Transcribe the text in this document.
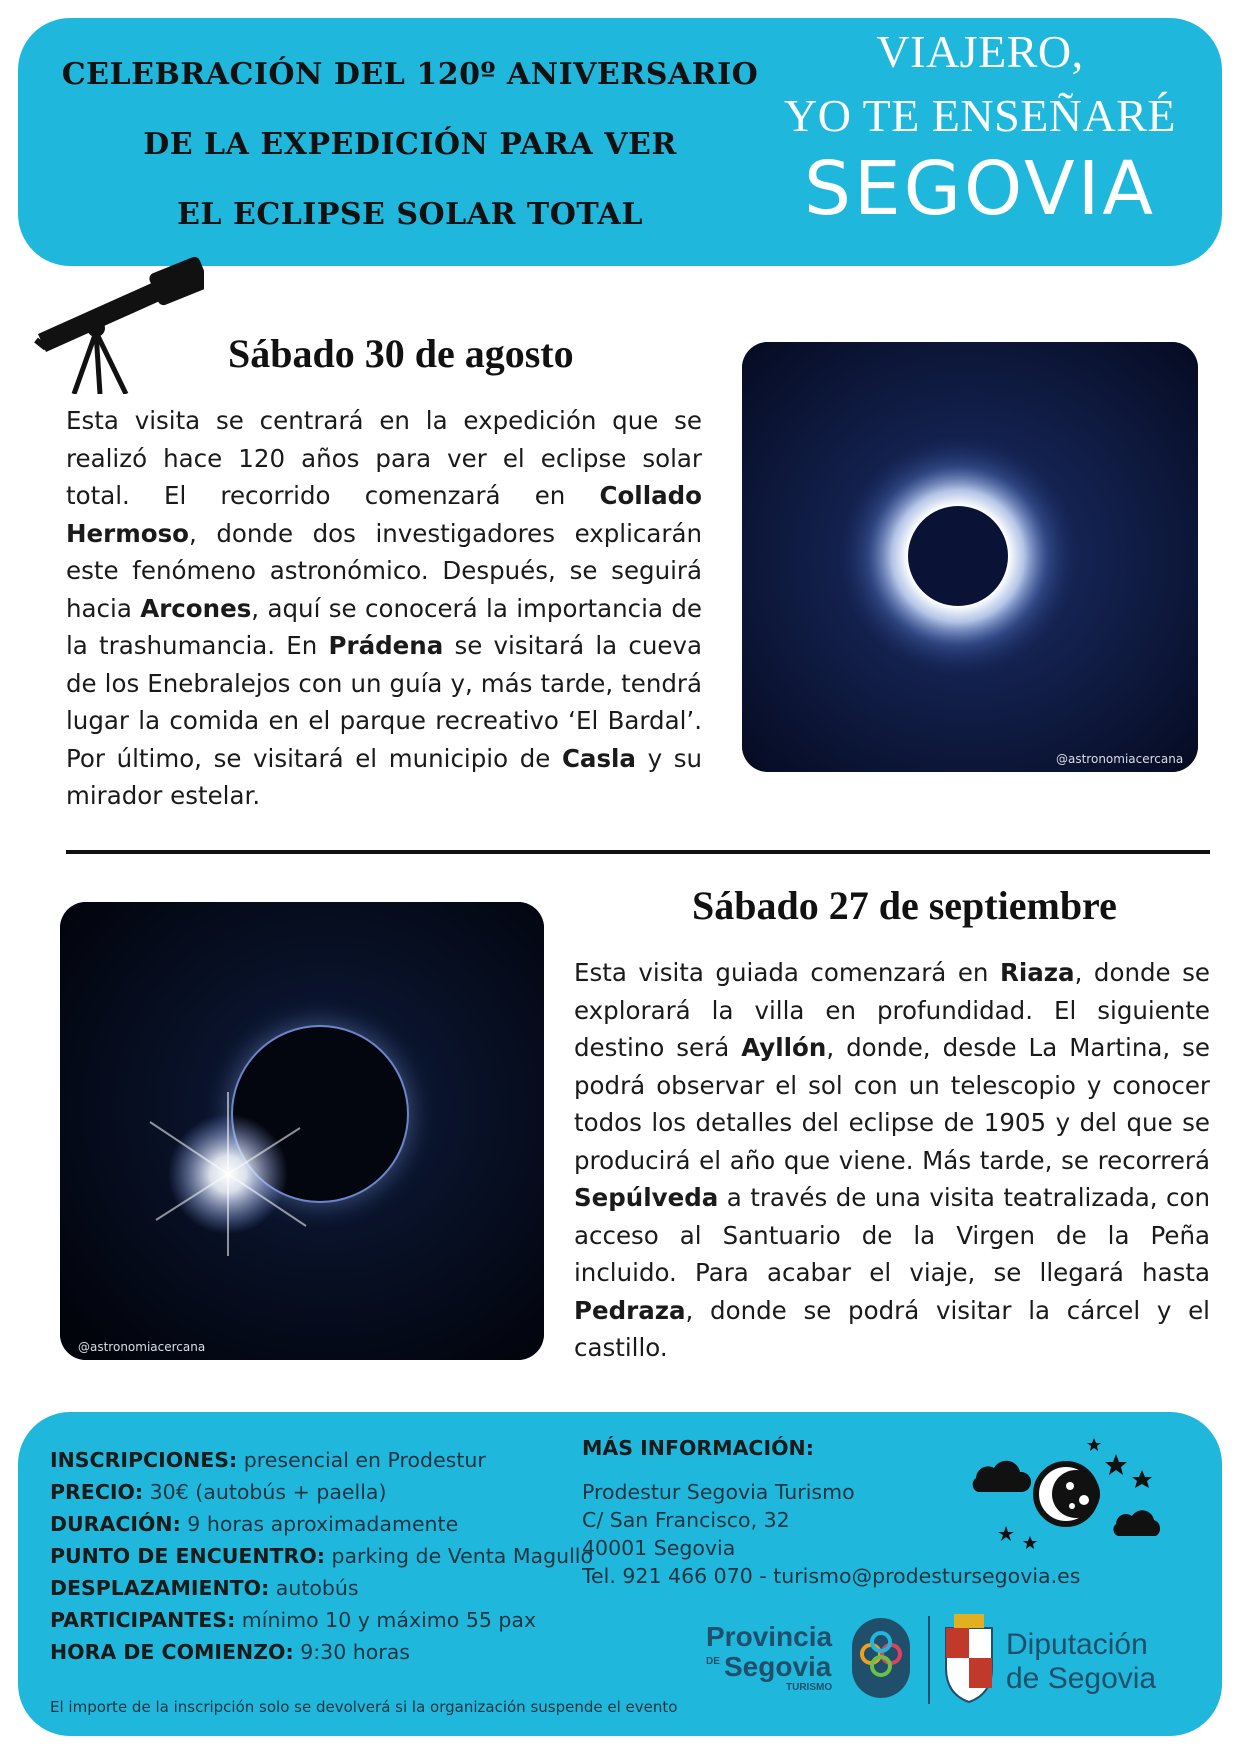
CELEBRACIÓN DEL 120º ANIVERSARIO
DE LA EXPEDICIÓN PARA VER
EL ECLIPSE SOLAR TOTAL
VIAJERO,
YO TE ENSEÑARÉ
SEGOVIA
Sábado 30 de agosto
Esta visita se centrará en la expedición que se realizó hace 120 años para ver el eclipse solar total. El recorrido comenzará en Collado Hermoso, donde dos investigadores explicarán este fenómeno astronómico. Después, se seguirá hacia Arcones, aquí se conocerá la importancia de la trashumancia. En Prádena se visitará la cueva de los Enebralejos con un guía y, más tarde, tendrá lugar la comida en el parque recreativo ‘El Bardal’. Por último, se visitará el municipio de Casla y su mirador estelar.
@astronomiacercana
@astronomiacercana
Sábado 27 de septiembre
Esta visita guiada comenzará en Riaza, donde se explorará la villa en profundidad. El siguiente destino será Ayllón, donde, desde La Martina, se podrá observar el sol con un telescopio y conocer todos los detalles del eclipse de 1905 y del que se producirá el año que viene. Más tarde, se recorrerá Sepúlveda a través de una visita teatralizada, con acceso al Santuario de la Virgen de la Peña incluido. Para acabar el viaje, se llegará hasta Pedraza, donde se podrá visitar la cárcel y el castillo.
INSCRIPCIONES: presencial en Prodestur
PRECIO: 30€ (autobús + paella)
DURACIÓN: 9 horas aproximadamente
PUNTO DE ENCUENTRO: parking de Venta Magullo
DESPLAZAMIENTO: autobús
PARTICIPANTES: mínimo 10 y máximo 55 pax
HORA DE COMIENZO: 9:30 horas
MÁS INFORMACIÓN:
Prodestur Segovia Turismo
C/ San Francisco, 32
40001 Segovia
Tel. 921 466 070 - turismo@prodestursegovia.es
El importe de la inscripción solo se devolverá si la organización suspende el evento
Provincia
DE Segovia
TURISMO
Diputación
de Segovia
